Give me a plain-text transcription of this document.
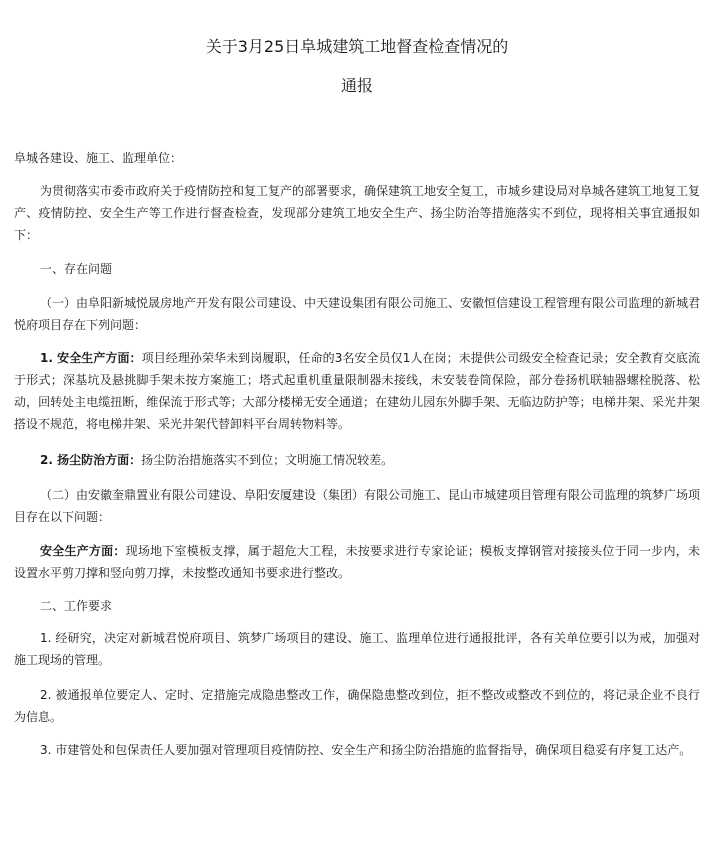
关于3月25日阜城建筑工地督查检查情况的
通报

阜城各建设、施工、监理单位：

为贯彻落实市委市政府关于疫情防控和复工复产的部署要求，确保建筑工地安全复工，市城乡建设局对阜城各建筑工地复工复产、疫情防控、安全生产等工作进行督查检查，发现部分建筑工地安全生产、扬尘防治等措施落实不到位，现将相关事宜通报如下：

一、存在问题

（一）由阜阳新城悦晟房地产开发有限公司建设、中天建设集团有限公司施工、安徽恒信建设工程管理有限公司监理的新城君悦府项目存在下列问题：

1. 安全生产方面：项目经理孙荣华未到岗履职，任命的3名安全员仅1人在岗；未提供公司级安全检查记录；安全教育交底流于形式；深基坑及悬挑脚手架未按方案施工；塔式起重机重量限制器未接线，未安装卷筒保险，部分卷扬机联轴器螺栓脱落、松动，回转处主电缆扭断，维保流于形式等；大部分楼梯无安全通道；在建幼儿园东外脚手架、无临边防护等；电梯井架、采光井架搭设不规范，将电梯井架、采光井架代替卸料平台周转物料等。

2. 扬尘防治方面：扬尘防治措施落实不到位；文明施工情况较差。

（二）由安徽奎鼎置业有限公司建设、阜阳安厦建设（集团）有限公司施工、昆山市城建项目管理有限公司监理的筑梦广场项目存在以下问题：

安全生产方面：现场地下室模板支撑，属于超危大工程，未按要求进行专家论证；模板支撑钢管对接接头位于同一步内，未设置水平剪刀撑和竖向剪刀撑，未按整改通知书要求进行整改。

二、工作要求

1. 经研究，决定对新城君悦府项目、筑梦广场项目的建设、施工、监理单位进行通报批评，各有关单位要引以为戒，加强对施工现场的管理。

2. 被通报单位要定人、定时、定措施完成隐患整改工作，确保隐患整改到位，拒不整改或整改不到位的，将记录企业不良行为信息。

3. 市建管处和包保责任人要加强对管理项目疫情防控、安全生产和扬尘防治措施的监督指导，确保项目稳妥有序复工达产。
